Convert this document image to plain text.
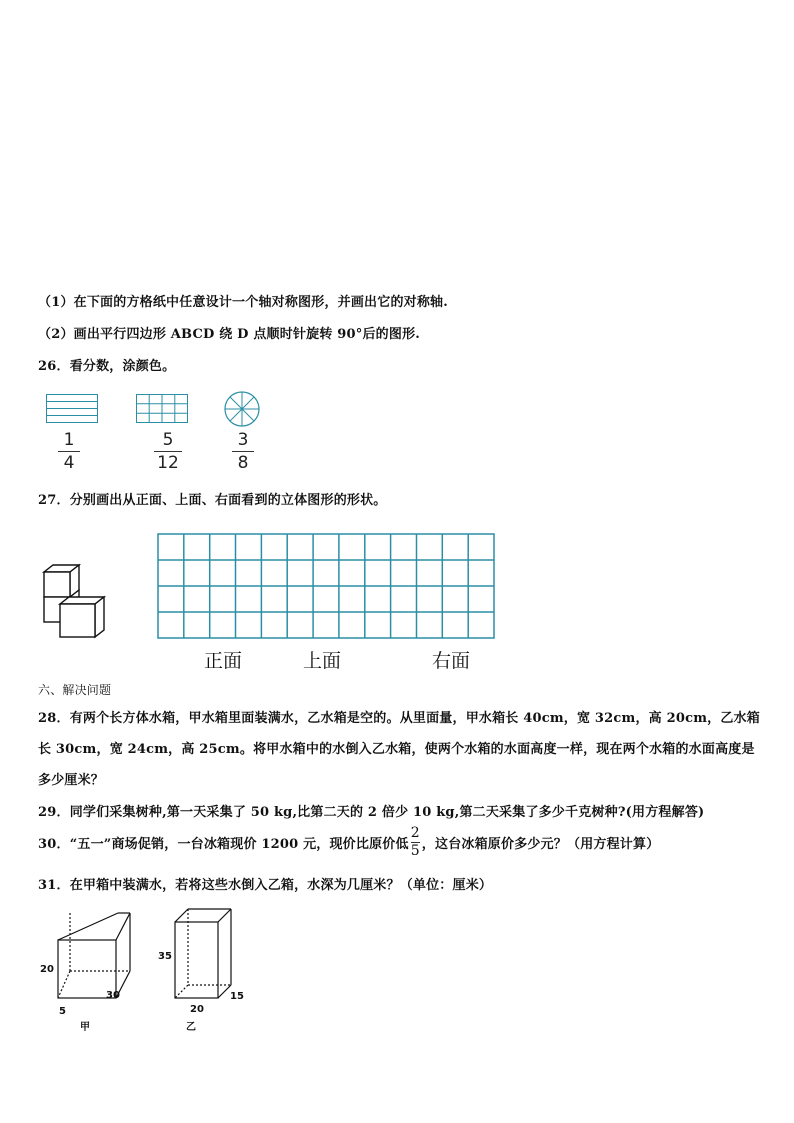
（1）在下面的方格纸中任意设计一个轴对称图形，并画出它的对称轴.
（2）画出平行四边形 ABCD 绕 D 点顺时针旋转 90°后的图形.
26．看分数，涂颜色。
1
4
5
12
3
8
27．分别画出从正面、上面、右面看到的立体图形的形状。
正面	上面	右面
六、解决问题
28．有两个长方体水箱，甲水箱里面装满水，乙水箱是空的。从里面量，甲水箱长 40cm，宽 32cm，高 20cm，乙水箱
长 30cm，宽 24cm，高 25cm。将甲水箱中的水倒入乙水箱，使两个水箱的水面高度一样，现在两个水箱的水面高度是
多少厘米？
29．同学们采集树种,第一天采集了 50 kg,比第二天的 2 倍少 10 kg,第二天采集了多少千克树种?(用方程解答)
30．“五一”商场促销，一台冰箱现价 1200 元，现价比原价低 $\frac{2}{5}$ ，这台冰箱原价多少元？（用方程计算）
31．在甲箱中装满水，若将这些水倒入乙箱，水深为几厘米？（单位：厘米）
20
5
30
甲
35
20
15
乙
